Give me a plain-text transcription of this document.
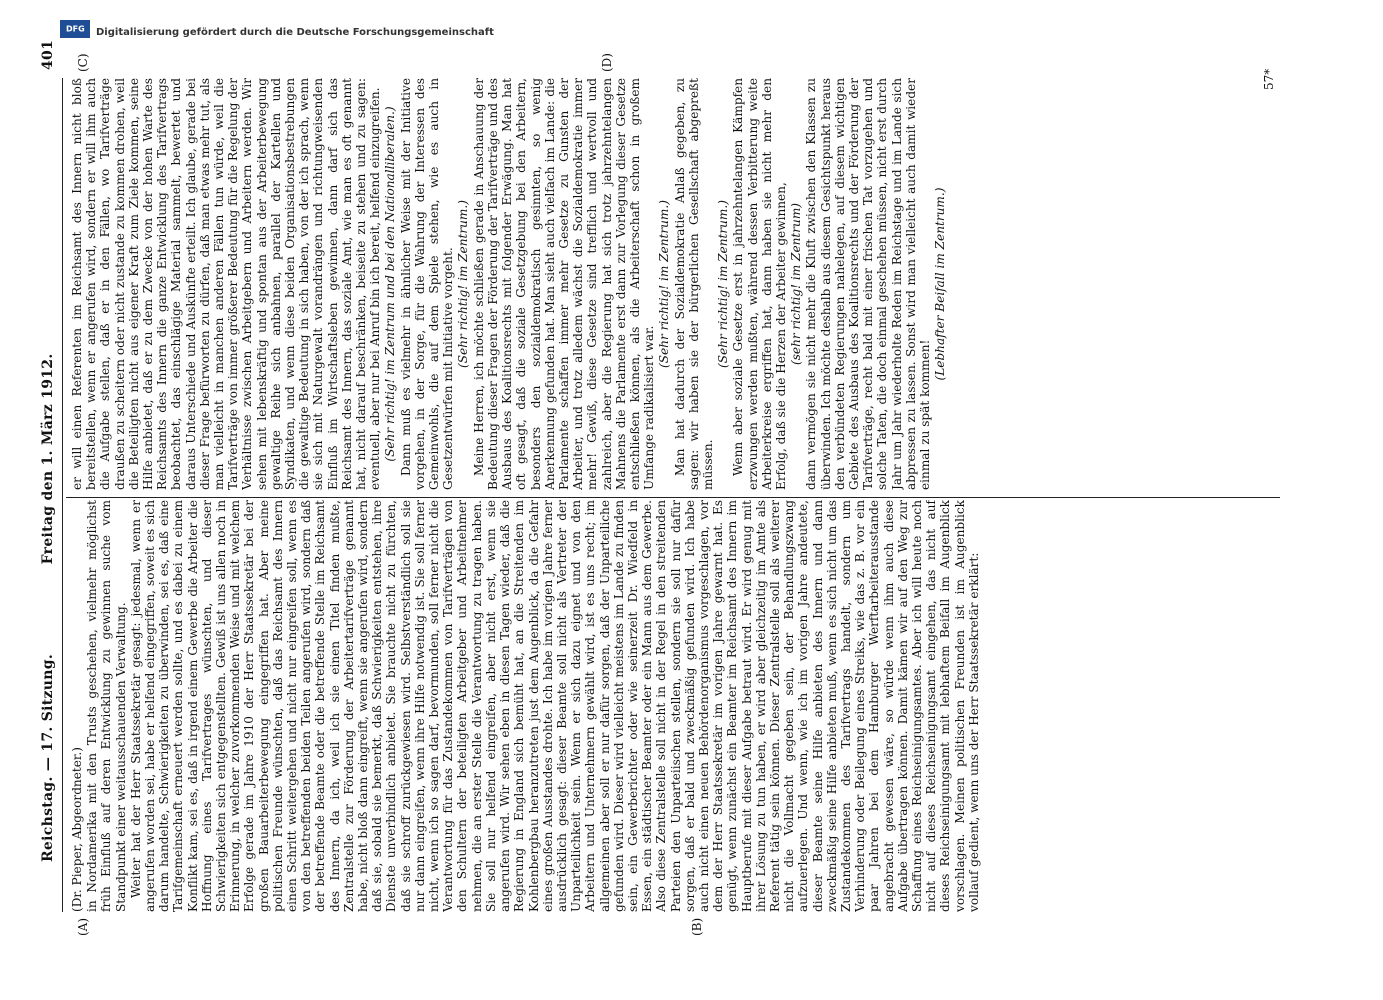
Reichstag. — 17. Sitzung.
Freitag den 1. März 1912.
401
(A)	(B)
(C)	(D)

(Dr. Pieper, Abgeordneter.) in Nordamerika mit den Trusts geschehen, vielmehr möglichst früh Einfluß auf deren Entwicklung zu gewinnen suche vom Standpunkt einer weitausschauenden Verwaltung. Weiter hat der Herr Staatssekretär gesagt: jedesmal, wenn er angerufen worden sei, habe er helfend eingegriffen, soweit es sich darum handelte, Schwierigkeiten zu überwinden, sei es, daß eine Tarifgemeinschaft erneuert werden sollte, und es dabei zu einem Konflikt kam, sei es, daß in irgend einem Gewerbe die Arbeiter die Hoffnung eines Tarifvertrages wünschten, und dieser Schwierigkeiten sich entgegenstellten. Gewiß ist uns allen noch in Erinnerung, in welcher zuvorkommenden Weise und mit welchem Erfolge gerade im Jahre 1910 der Herr Staatssekretär bei der großen Bauarbeiterbewegung eingegriffen hat. Aber meine politischen Freunde wünschten, daß das Reichsamt des Innern einen Schritt weitergehen und nicht nur eingreifen soll, wenn es von den betreffenden beiden Teilen angerufen wird, sondern daß der betreffende Beamte oder die betreffende Stelle im Reichsamt des Innern, da ich, weil ich sie einen Titel finden mußte, Zentralstelle zur Förderung der Arbeitertarifverträge genannt habe, nicht bloß dann eingreift, wenn sie angerufen wird, sondern daß sie, sobald sie bemerkt, daß Schwierigkeiten entstehen, ihre Dienste unverbindlich anbietet. Sie brauchte nicht zu fürchten, daß sie schroff zurückgewiesen wird. Selbstverständlich soll sie nur dann eingreifen, wenn ihre Hilfe notwendig ist. Sie soll ferner nicht, wenn ich so sagen darf, bevormunden, soll ferner nicht die Verantwortung für das Zustandekommen von Tarifverträgen von den Schultern der beteiligten Arbeitgeber und Arbeitnehmer nehmen, die an erster Stelle die Verantwortung zu tragen haben. Sie soll nur helfend eingreifen, aber nicht erst, wenn sie angerufen wird. Wir sehen eben in diesen Tagen wieder, daß die Regierung in England sich bemüht hat, an die Streitenden im Kohlenbergbau heranzutreten just dem Augenblick, da die Gefahr eines großen Ausstandes drohte. Ich habe im vorigen Jahre ferner ausdrücklich gesagt: dieser Beamte soll nicht als Vertreter der Unparteilichkeit sein. Wenn er sich dazu eignet und von den Arbeitern und Unternehmern gewählt wird, ist es uns recht; im allgemeinen aber soll er nur dafür sorgen, daß der Unparteiliche gefunden wird. Dieser wird vielleicht meistens im Lande zu finden sein, ein Gewerberichter oder wie seinerzeit Dr. Wiedfeld in Essen, ein städtischer Beamter oder ein Mann aus dem Gewerbe. Also diese Zentralstelle soll nicht in der Regel in den streitenden Parteien den Unparteiischen stellen, sondern sie soll nur dafür sorgen, daß er bald und zweckmäßig gefunden wird. Ich habe auch nicht einen neuen Behördenorganismus vorgeschlagen, vor dem der Herr Staatssekretär im vorigen Jahre gewarnt hat. Es genügt, wenn zunächst ein Beamter im Reichsamt des Innern im Hauptberufe mit dieser Aufgabe betraut wird. Er wird genug mit ihrer Lösung zu tun haben, er wird aber gleichzeitig im Amte als Referent tätig sein können. Dieser Zentralstelle soll als weiterer nicht die Vollmacht gegeben sein, der Behandlungszwang aufzuerlegen. Und wenn, wie ich im vorigen Jahre andeutete, dieser Beamte seine Hilfe anbieten des Innern und dann zweckmäßig seine Hilfe anbieten muß, wenn es sich nicht um das Zustandekommen des Tarifvertrags handelt, sondern um Verhinderung oder Beilegung eines Streiks, wie das z. B. vor ein paar Jahren bei dem Hamburger Werftarbeiterausstande angebracht gewesen wäre, so würde wenn ihm auch diese Aufgabe übertragen können. Damit kämen wir auf den Weg zur Schaffung eines Reichseinigungsamtes. Aber ich will heute noch nicht auf dieses Reichseinigungsamt eingehen, das nicht auf dieses Reichseinigungsamt mit lebhaftem Beifall im Augenblick vorschlagen. Meinen politischen Freunden ist im Augenblick vollauf gedient, wenn uns der Herr Staatssekretär erklärt:

er will einen Referenten im Reichsamt des Innern nicht bloß bereitstellen, wenn er angerufen wird, sondern er will ihm auch die Aufgabe stellen, daß er in den Fällen, wo Tarifverträge draußen zu scheitern oder nicht zustande zu kommen drohen, weil die Beteiligten nicht aus eigener Kraft zum Ziele kommen, seine Hilfe anbietet, daß er zu dem Zwecke von der hohen Warte des Reichsamts des Innern die ganze Entwicklung des Tarifvertrags beobachtet, das einschlägige Material sammelt, bewertet und daraus Unterschiede und Auskünfte erteilt. Ich glaube, gerade bei dieser Frage befürworten zu dürfen, daß man etwas mehr tut, als man vielleicht in manchen anderen Fällen tun würde, weil die Tarifverträge von immer größerer Bedeutung für die Regelung der Verhältnisse zwischen Arbeitgebern und Arbeitern werden. Wir sehen mit lebenskräftig und spontan aus der Arbeiterbewegung gewaltige Reihe sich anbahnen, parallel der Kartellen und Syndikaten, und wenn diese beiden Organisationsbestrebungen die gewaltige Bedeutung in sich haben, von der ich sprach, wenn sie sich mit Naturgewalt vorandrängen und richtungweisenden Einfluß im Wirtschaftsleben gewinnen, dann darf sich das Reichsamt des Innern, das soziale Amt, wie man es oft genannt hat, nicht darauf beschränken, beiseite zu stehen und zu sagen: eventuell, aber nur bei Anruf bin ich bereit, helfend einzugreifen. (Sehr richtig! im Zentrum und bei den Nationalliberalen.) Dann muß es vielmehr in ähnlicher Weise mit der Initiative vorgehen, in der Sorge, für die Wahrung der Interessen des Gemeinwohls, die auf dem Spiele stehen, wie es auch in Gesetzentwürfen mit Initiative vorgeht. (Sehr richtig! im Zentrum.) Meine Herren, ich möchte schließen gerade in Anschauung der Bedeutung dieser Fragen der Förderung der Tarifverträge und des Ausbaus des Koalitionsrechts mit folgender Erwägung. Man hat oft gesagt, daß die soziale Gesetzgebung bei den Arbeitern, besonders den sozialdemokratisch gesinnten, so wenig Anerkennung gefunden hat. Man sieht auch vielfach im Lande: die Parlamente schaffen immer mehr Gesetze zu Gunsten der Arbeiter, und trotz alledem wächst die Sozialdemokratie immer mehr! Gewiß, diese Gesetze sind trefflich und wertvoll und zahlreich, aber die Regierung hat sich trotz jahrzehntelangen Mahnens die Parlamente erst dann zur Vorlegung dieser Gesetze entschließen können, als die Arbeiterschaft schon in großem Umfange radikalisiert war.

(Sehr richtig! im Zentrum.) Man hat dadurch der Sozialdemokratie Anlaß gegeben, zu sagen: wir haben sie der bürgerlichen Gesellschaft abgepreßt müssen.

(Sehr richtig! im Zentrum.) Wenn aber soziale Gesetze erst in jahrzehntelangen Kämpfen erzwungen werden mußten, während dessen Verbitterung weite Arbeiterkreise ergriffen hat, dann haben sie nicht mehr den Erfolg, daß sie die Herzen der Arbeiter gewinnen, (sehr richtig! im Zentrum) dann vermögen sie nicht mehr die Kluft zwischen den Klassen zu überwinden. Ich möchte deshalb aus diesem Gesichtspunkt heraus den verbündeten Regierungen nahelegen, auf diesem wichtigen Gebiete des Ausbaus des Koalitionsrechts und der Förderung der Tarifverträge, recht bald mit einer frischen Tat vorzugehen und solche Taten, die doch einmal geschehen müssen, nicht erst durch Jahr um Jahr wiederholte Reden im Reichstage und im Lande sich abpressen zu lassen. Sonst wird man vielleicht auch damit wieder einmal zu spät kommen!

(Lebhafter Beifall im Zentrum.)

57*
DFG	Digitalisierung gefördert durch die Deutsche Forschungsgemeinschaft
